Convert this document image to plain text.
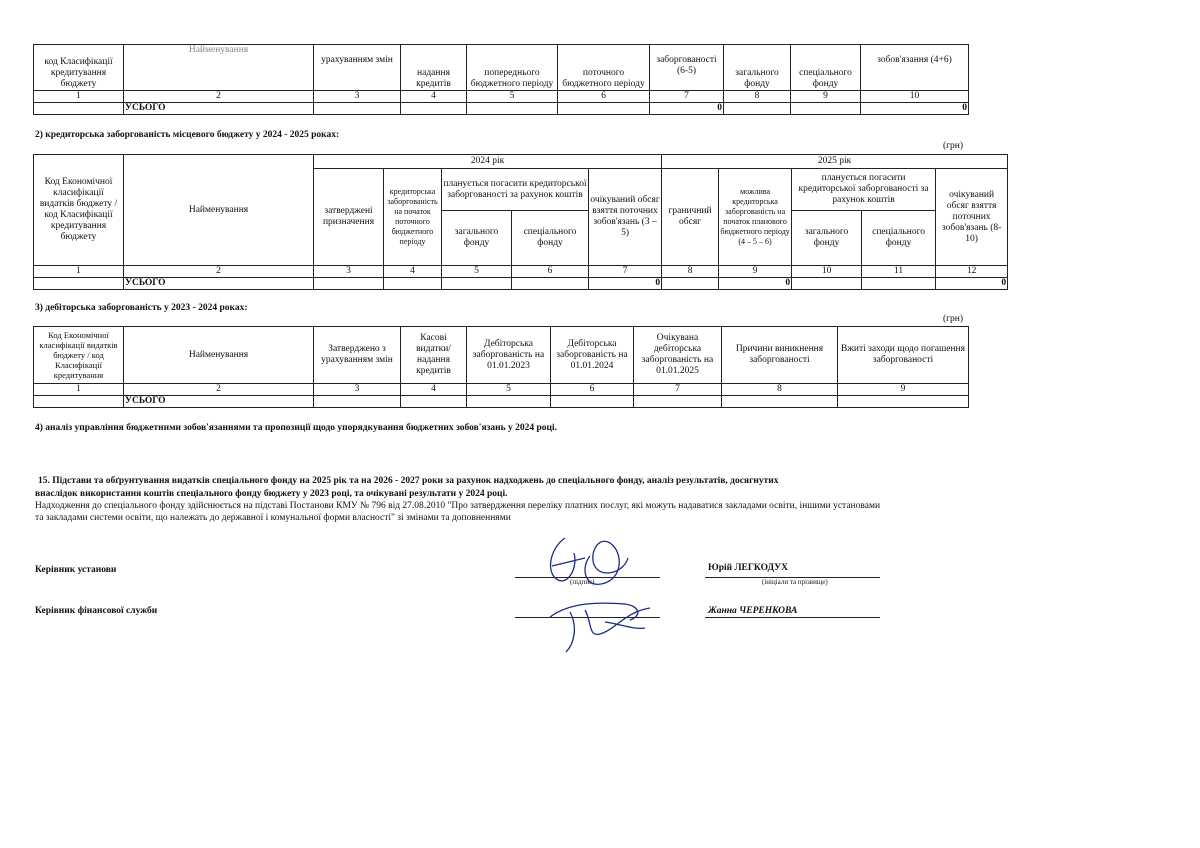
код Класифікації кредитування бюджету	Найменування	урахуванням змін	надання кредитів	попереднього бюджетного періоду	поточного бюджетного періоду	заборгованості (6-5)	загального фонду	спеціального фонду	зобов'язання (4+6)
1	2	3	4	5	6	7	8	9	10
	УСЬОГО					0			0
2) кредиторська заборгованість місцевого бюджету у 2024 - 2025 роках:
(грн)
Код Економічної класифікації видатків бюджету / код Класифікації кредитування бюджету	Найменування	2024 рік					2025 рік				
		затверджені призначення	кредиторська заборгованість на початок поточного бюджетного періоду	планується погасити кредиторської заборгованості за рахунок коштів		очікуваний обсяг взяття поточних зобов'язань (3 – 5)	граничний обсяг	можлива кредиторська заборгованість на початок планового бюджетного періоду (4 – 5 – 6)	планується погасити кредиторської заборгованості за рахунок коштів		очікуваний обсяг взяття поточних зобов'язань (8-10)
				загального фонду	спеціального фонду				загального фонду	спеціального фонду	
1	2	3	4	5	6	7	8	9	10	11	12
	УСЬОГО					0		0			0
3) дебіторська заборгованість у 2023 - 2024 роках:
(грн)
Код Економічної класифікації видатків бюджету / код Класифікації кредитування	Найменування	Затверджено з урахуванням змін	Касові видатки/ надання кредитів	Дебіторська заборгованість на 01.01.2023	Дебіторська заборгованість на 01.01.2024	Очікувана дебіторська заборгованість на 01.01.2025	Причини виникнення заборгованості	Вжиті заходи щодо погашення заборгованості
1	2	3	4	5	6	7	8	9
	УСЬОГО							
4) аналіз управління бюджетними зобов'язаннями та пропозиції щодо упорядкування бюджетних зобов'язань у 2024 році.
15. Підстави та обґрунтування видатків спеціального фонду на 2025 рік та на 2026 - 2027 роки за рахунок надходжень до спеціального фонду, аналіз результатів, досягнутих
внаслідок використання коштів спеціального фонду бюджету у 2023 році, та очікувані результати у 2024 році.
Надходження до спеціального фонду здійснюється на підставі Постанови КМУ № 796 від 27.08.2010 "Про затвердження переліку платних послуг, які можуть надаватися закладами освіти, іншими установами
та закладами системи освіти, що належать до державної і комунальної форми власності" зі змінами та доповненнями
Керівник установи
(підпис)
Юрій ЛЕГКОДУХ
(ініціали та прізвище)
Керівник фінансової служби	Жанна ЧЕРЕНКОВА
